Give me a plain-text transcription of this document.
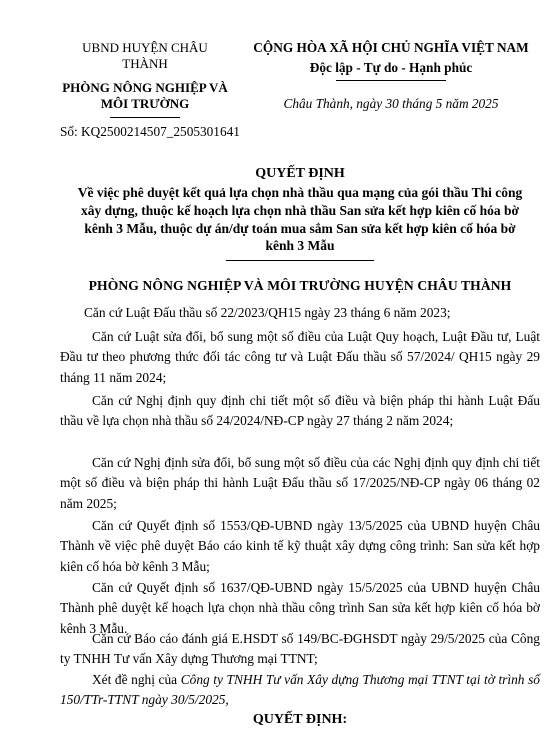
UBND HUYỆN CHÂU THÀNH
PHÒNG NÔNG NGHIỆP VÀ MÔI TRƯỜNG
CỘNG HÒA XÃ HỘI CHỦ NGHĨA VIỆT NAM
Độc lập - Tự do - Hạnh phúc
Châu Thành, ngày 30 tháng 5 năm 2025
Số: KQ2500214507_2505301641
QUYẾT ĐỊNH
Về việc phê duyệt kết quả lựa chọn nhà thầu qua mạng của gói thầu Thi công xây dựng, thuộc kế hoạch lựa chọn nhà thầu San sửa kết hợp kiên cố hóa bờ kênh 3 Mẫu, thuộc dự án/dự toán mua sắm San sửa kết hợp kiên cố hóa bờ kênh 3 Mẫu
PHÒNG NÔNG NGHIỆP VÀ MÔI TRƯỜNG HUYỆN CHÂU THÀNH
Căn cứ Luật Đấu thầu số 22/2023/QH15 ngày 23 tháng 6 năm 2023;
Căn cứ Luật sửa đổi, bổ sung một số điều của Luật Quy hoạch, Luật Đầu tư, Luật Đầu tư theo phương thức đối tác công tư và Luật Đấu thầu số 57/2024/ QH15 ngày 29 tháng 11 năm 2024;
Căn cứ Nghị định quy định chi tiết một số điều và biện pháp thi hành Luật Đấu thầu về lựa chọn nhà thầu số 24/2024/NĐ-CP ngày 27 tháng 2 năm 2024;
Căn cứ Nghị định sửa đổi, bổ sung một số điều của các Nghị định quy định chi tiết một số điều và biện pháp thi hành Luật Đấu thầu số 17/2025/NĐ-CP ngày 06 tháng 02 năm 2025;
Căn cứ Quyết định số 1553/QĐ-UBND ngày 13/5/2025 của UBND huyện Châu Thành về việc phê duyệt Báo cáo kinh tế kỹ thuật xây dựng công trình: San sửa kết hợp kiên cố hóa bờ kênh 3 Mẫu;
Căn cứ Quyết định số 1637/QĐ-UBND ngày 15/5/2025 của UBND huyện Châu Thành phê duyệt kế hoạch lựa chọn nhà thầu công trình San sửa kết hợp kiên cố hóa bờ kênh 3 Mẫu.
Căn cứ Báo cáo đánh giá E.HSDT số 149/BC-ĐGHSDT ngày 29/5/2025 của Công ty TNHH Tư vấn Xây dựng Thương mại TTNT;
Xét đề nghị của Công ty TNHH Tư vấn Xây dựng Thương mại TTNT tại tờ trình số 150/TTr-TTNT ngày 30/5/2025,
QUYẾT ĐỊNH:
